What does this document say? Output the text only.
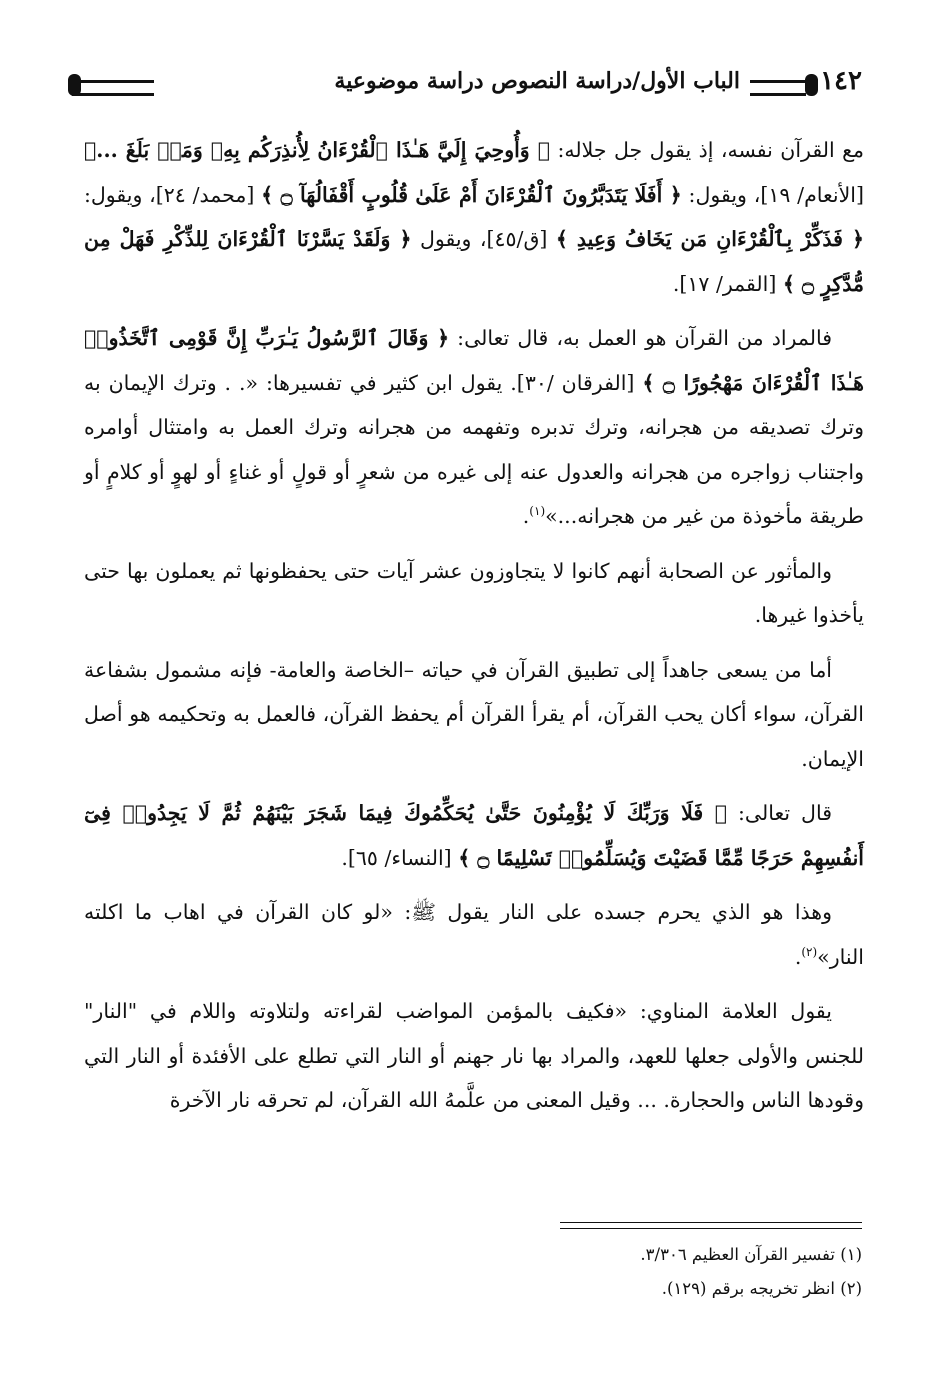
١٤٢
الباب الأول/دراسة النصوص دراسة موضوعية

مع القرآن نفسه، إذ يقول جل جلاله: ﴿ وَأُوحِيَ إِلَيَّ هَـٰذَا ٱلْقُرْءَانُ لِأُنذِرَكُم بِهِۦ وَمَنۢ بَلَغَ ...﴾ [الأنعام/ ١٩]، ويقول: ﴿ أَفَلَا يَتَدَبَّرُونَ ٱلْقُرْءَانَ أَمْ عَلَىٰ قُلُوبٍ أَقْفَالُهَآ ۝ ﴾ [محمد/ ٢٤]، ويقول: ﴿ فَذَكِّرْ بِٱلْقُرْءَانِ مَن يَخَافُ وَعِيدِ ﴾ [ق/٤٥]، ويقول ﴿ وَلَقَدْ يَسَّرْنَا ٱلْقُرْءَانَ لِلذِّكْرِ فَهَلْ مِن مُّدَّكِرٍ ۝ ﴾ [القمر/ ١٧].

فالمراد من القرآن هو العمل به، قال تعالى: ﴿ وَقَالَ ٱلرَّسُولُ يَـٰرَبِّ إِنَّ قَوْمِى ٱتَّخَذُوا۟ هَـٰذَا ٱلْقُرْءَانَ مَهْجُورًا ۝ ﴾ [الفرقان /٣٠]. يقول ابن كثير في تفسيرها: «. . وترك الإيمان به وترك تصديقه من هجرانه، وترك تدبره وتفهمه من هجرانه وترك العمل به وامتثال أوامره واجتناب زواجره من هجرانه والعدول عنه إلى غيره من شعرٍ أو قولٍ أو غناءٍ أو لهوٍ أو كلامٍ أو طريقة مأخوذة من غير من هجرانه...»$^{(١)}$.

والمأثور عن الصحابة أنهم كانوا لا يتجاوزون عشر آيات حتى يحفظونها ثم يعملون بها حتى يأخذوا غيرها.

أما من يسعى جاهداً إلى تطبيق القرآن في حياته –الخاصة والعامة- فإنه مشمول بشفاعة القرآن، سواء أكان يحب القرآن، أم يقرأ القرآن أم يحفظ القرآن، فالعمل به وتحكيمه هو أصل الإيمان.

قال تعالى: ﴿ فَلَا وَرَبِّكَ لَا يُؤْمِنُونَ حَتَّىٰ يُحَكِّمُوكَ فِيمَا شَجَرَ بَيْنَهُمْ ثُمَّ لَا يَجِدُوا۟ فِىٓ أَنفُسِهِمْ حَرَجًا مِّمَّا قَضَيْتَ وَيُسَلِّمُوا۟ تَسْلِيمًا ۝ ﴾ [النساء/ ٦٥].

وهذا هو الذي يحرم جسده على النار يقول ﷺ: «لو كان القرآن في اهاب ما اكلته النار»$^{(٢)}$.

يقول العلامة المناوي: «فكيف بالمؤمن المواضب لقراءته ولتلاوته واللام في "النار" للجنس والأولى جعلها للعهد، والمراد بها نار جهنم أو النار التي تطلع على الأفئدة أو النار التي وقودها الناس والحجارة. ... وقيل المعنى من علَّمهُ الله القرآن، لم تحرقه نار الآخرة

(١) تفسير القرآن العظيم ٣/٣٠٦.

(٢) انظر تخريجه برقم (١٢٩).
